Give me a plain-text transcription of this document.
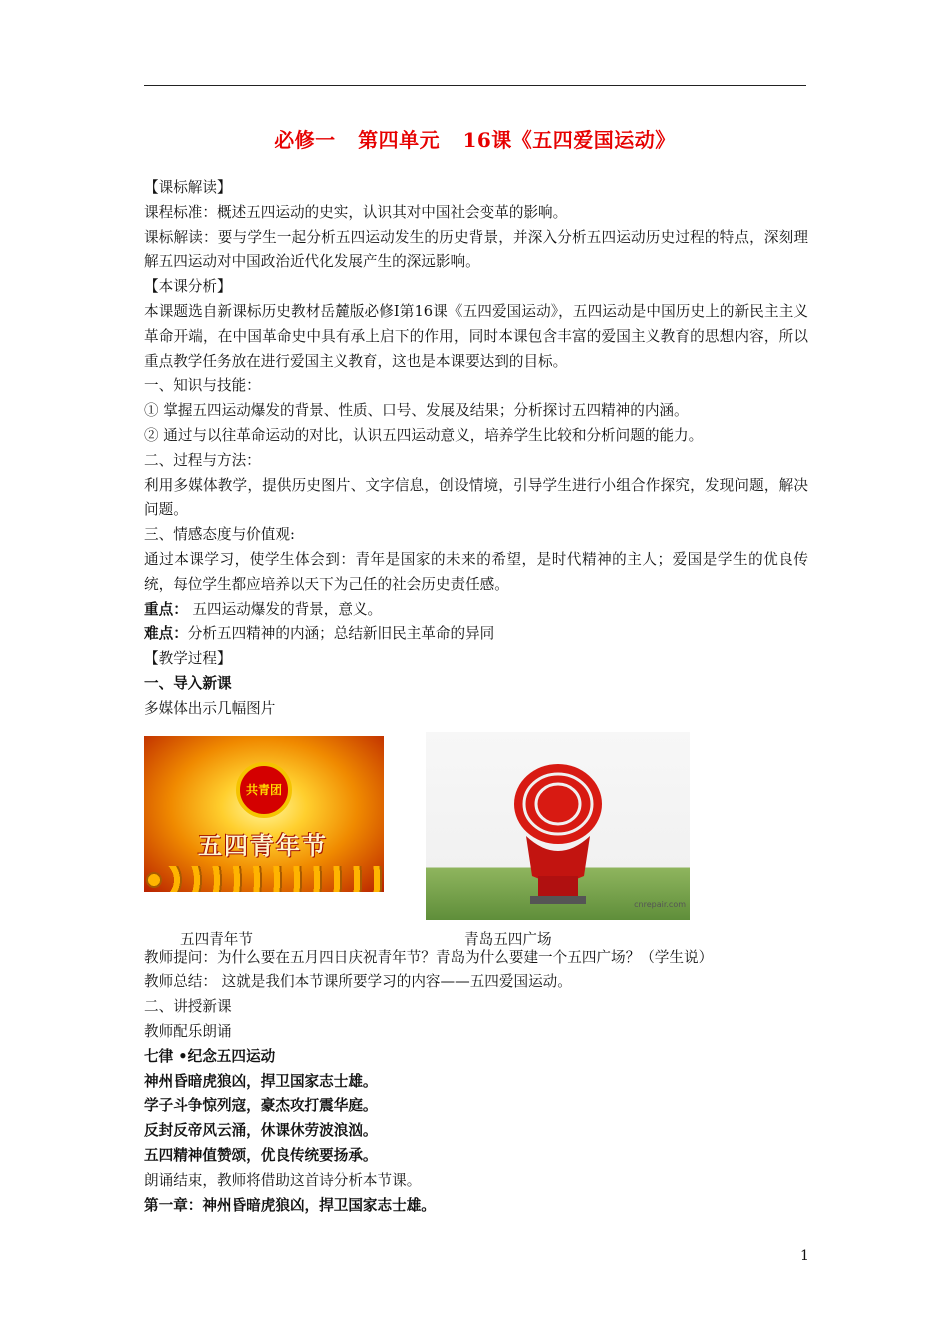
必修一   第四单元   16课《五四爱国运动》

【课标解读】

课程标准：概述五四运动的史实，认识其对中国社会变革的影响。

课标解读：要与学生一起分析五四运动发生的历史背景，并深入分析五四运动历史过程的特点，深刻理解五四运动对中国政治近代化发展产生的深远影响。

【本课分析】

本课题选自新课标历史教材岳麓版必修Ⅰ第16课《五四爱国运动》，五四运动是中国历史上的新民主主义革命开端，在中国革命史中具有承上启下的作用，同时本课包含丰富的爱国主义教育的思想内容，所以重点教学任务放在进行爱国主义教育，这也是本课要达到的目标。

一、知识与技能：

① 掌握五四运动爆发的背景、性质、口号、发展及结果；分析探讨五四精神的内涵。

② 通过与以往革命运动的对比，认识五四运动意义，培养学生比较和分析问题的能力。

二、过程与方法：

利用多媒体教学，提供历史图片、文字信息，创设情境，引导学生进行小组合作探究，发现问题，解决问题。

三、情感态度与价值观:

通过本课学习，使学生体会到：青年是国家的未来的希望，是时代精神的主人；爱国是学生的优良传统，每位学生都应培养以天下为己任的社会历史责任感。

重点： 五四运动爆发的背景，意义。

难点：分析五四精神的内涵；总结新旧民主革命的异同

【教学过程】

一、导入新课

多媒体出示几幅图片

共青团
五四青年节
cnrepair.com
五四青年节	青岛五四广场

教师提问：为什么要在五月四日庆祝青年节？青岛为什么要建一个五四广场？（学生说）

教师总结： 这就是我们本节课所要学习的内容——五四爱国运动。

二、讲授新课

教师配乐朗诵

七律 •纪念五四运动

神州昏暗虎狼凶，捍卫国家志士雄。

学子斗争惊列寇，豪杰攻打震华庭。

反封反帝风云涌，休课休劳波浪汹。

五四精神值赞颂，优良传统要扬承。

朗诵结束，教师将借助这首诗分析本节课。

第一章：神州昏暗虎狼凶，捍卫国家志士雄。

1
